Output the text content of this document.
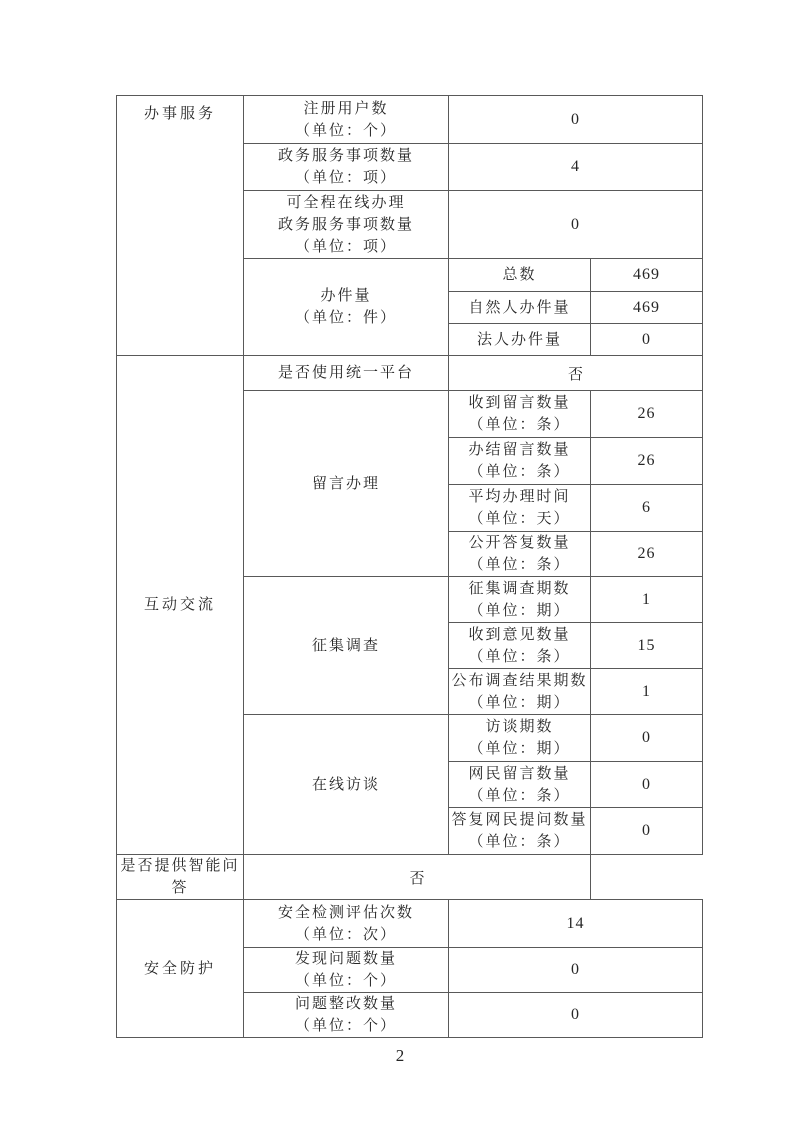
办事服务	注册用户数
（单位：个）	0	

	政务服务事项数量
（单位：项）	4	

	可全程在线办理
政务服务事项数量
（单位：项）	0	

	办件量
（单位：件）	总数	469

		自然人办件量	469

		法人办件量	0

互动交流	是否使用统一平台	否	

	留言办理	收到留言数量
（单位：条）	26

		办结留言数量
（单位：条）	26

		平均办理时间
（单位：天）	6

		公开答复数量
（单位：条）	26

	征集调查	征集调查期数
（单位：期）	1

		收到意见数量
（单位：条）	15

		公布调查结果期数
（单位：期）	1

	在线访谈	访谈期数
（单位：期）	0

		网民留言数量
（单位：条）	0

		答复网民提问数量
（单位：条）	0

是否提供智能问答	否		

安全防护	安全检测评估次数
（单位：次）	14	

	发现问题数量
（单位：个）	0	

	问题整改数量
（单位：个）	0	
2
